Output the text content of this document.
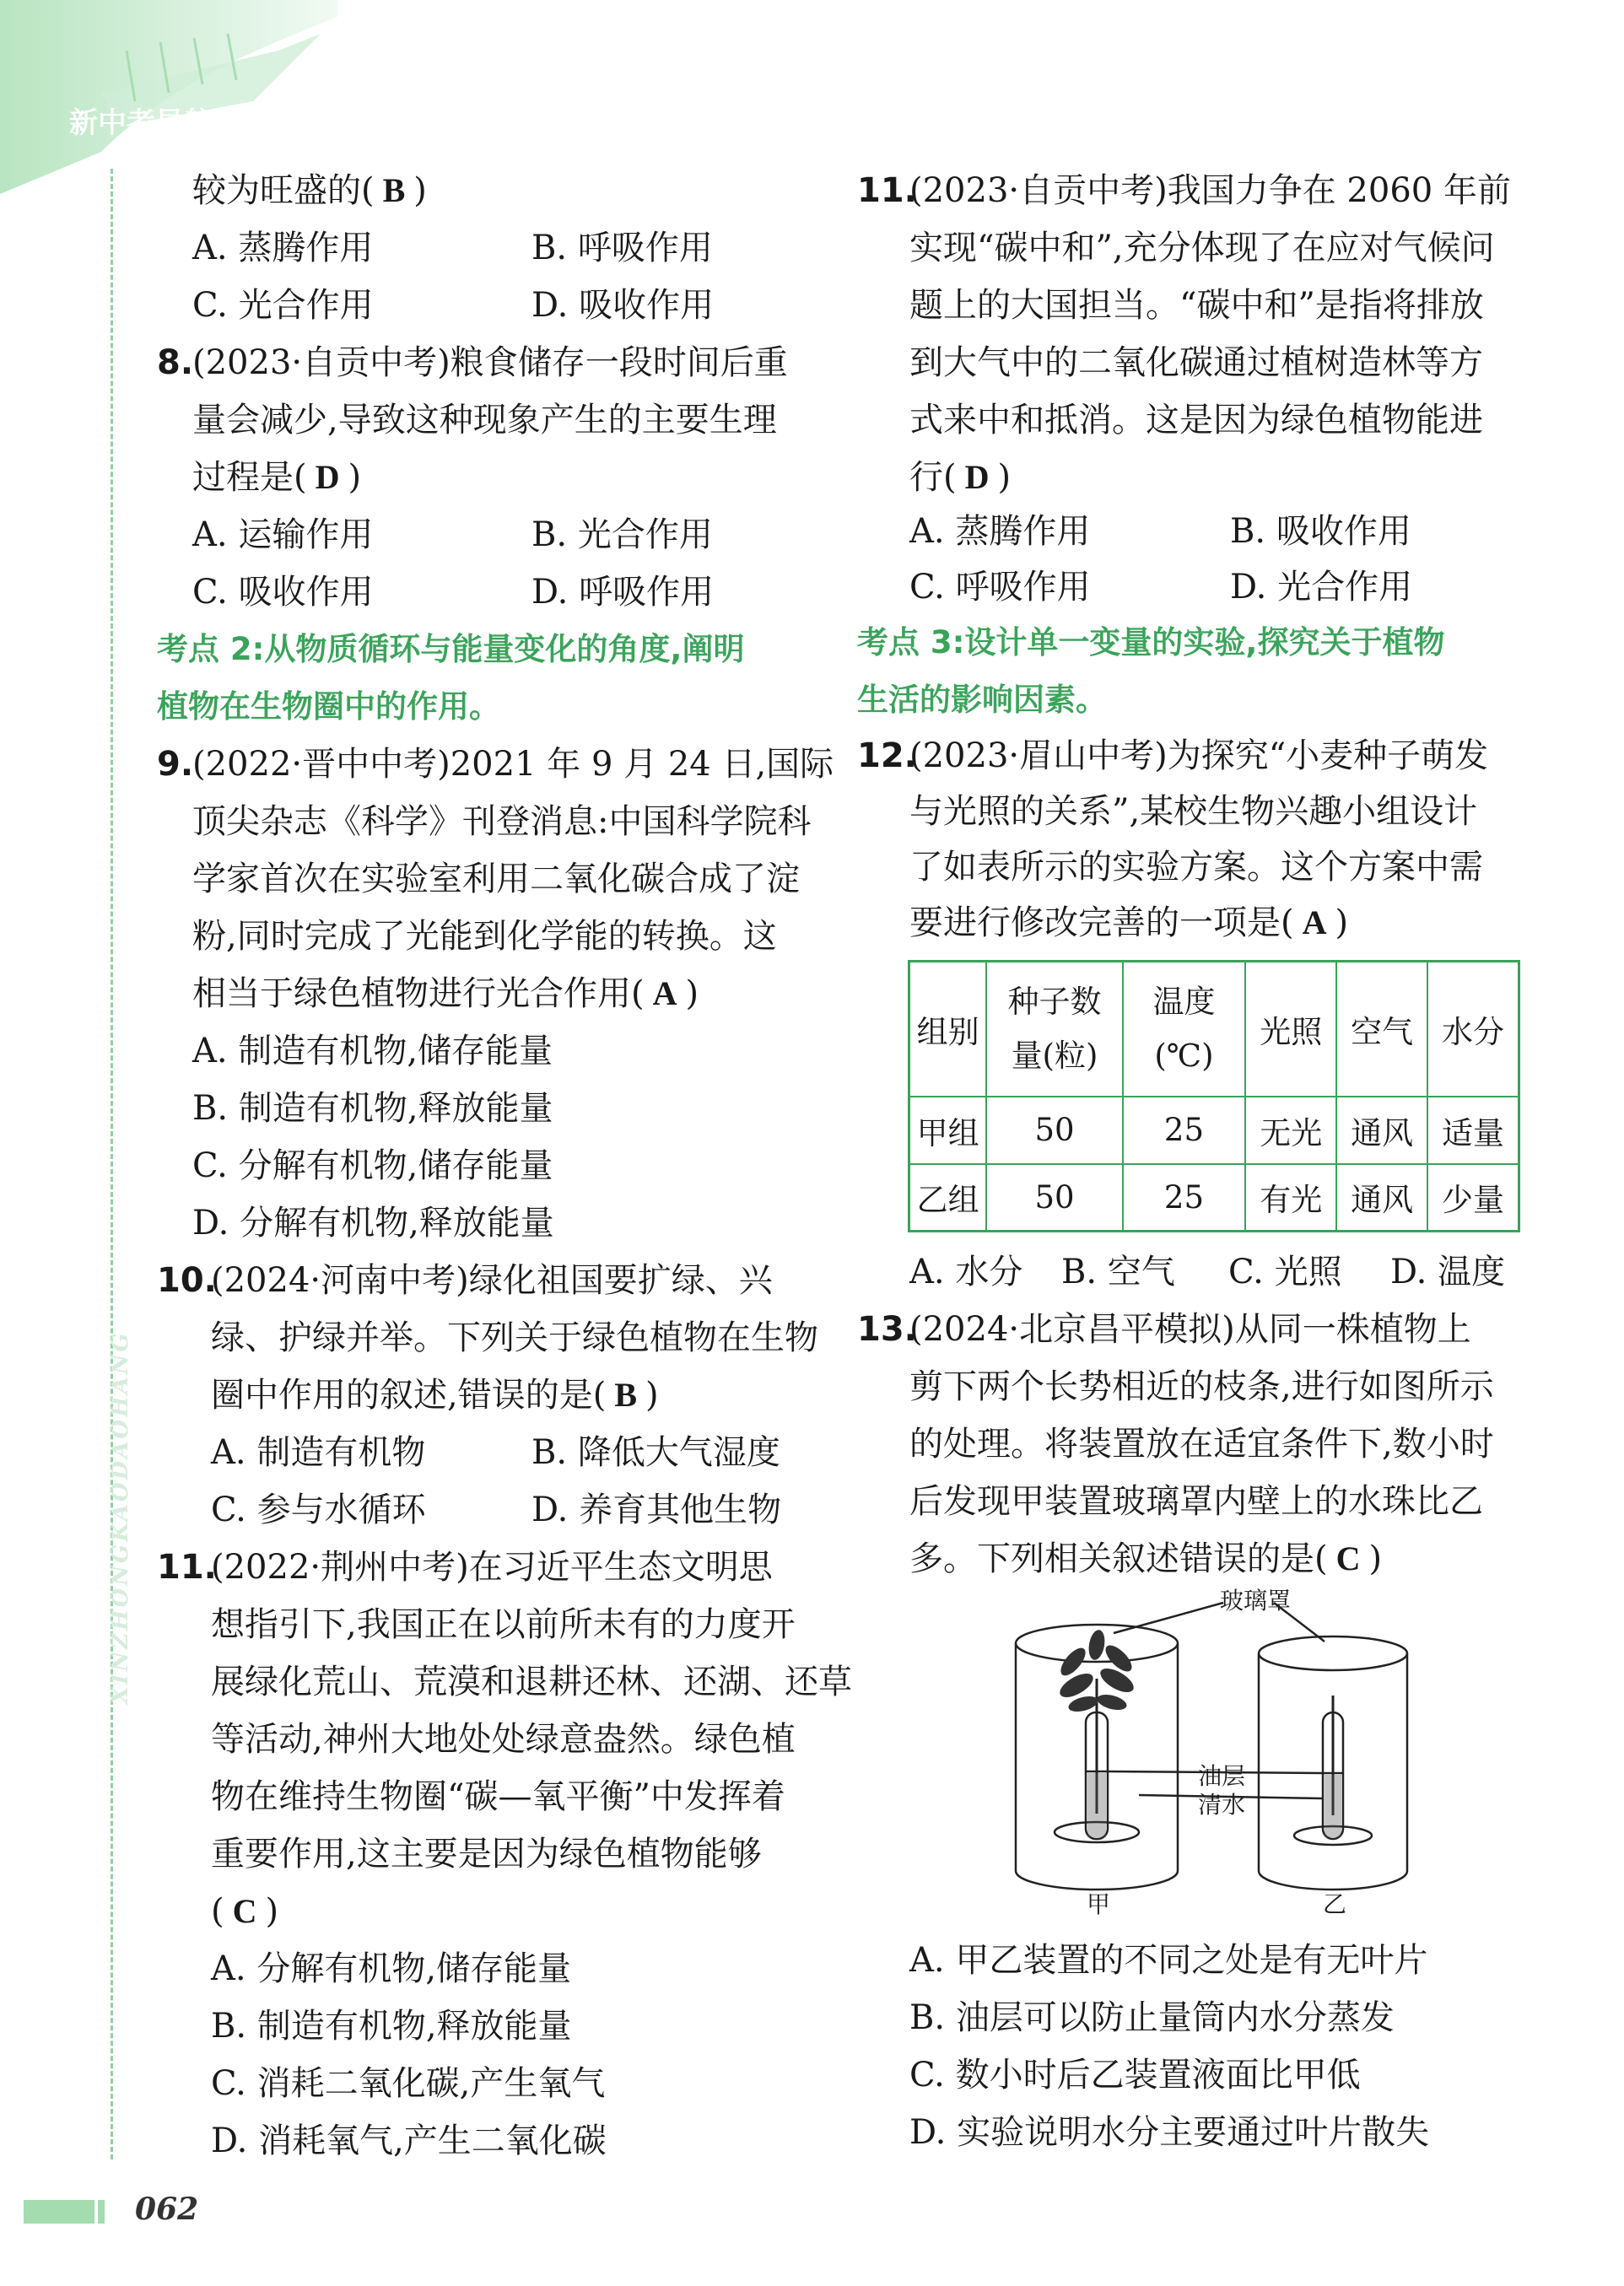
新中考导航 2025
XINZHONGKAODAOHANG
062
较为旺盛的( B )
A. 蒸腾作用	B. 呼吸作用
C. 光合作用	D. 吸收作用
8.
(2023·自贡中考)粮食储存一段时间后重
量会减少,导致这种现象产生的主要生理
过程是( D )
A. 运输作用	B. 光合作用
C. 吸收作用	D. 呼吸作用
考点 2:从物质循环与能量变化的角度,阐明
植物在生物圈中的作用。
9.
(2022·晋中中考)2021 年 9 月 24 日,国际
顶尖杂志《科学》刊登消息:中国科学院科
学家首次在实验室利用二氧化碳合成了淀
粉,同时完成了光能到化学能的转换。这
相当于绿色植物进行光合作用( A )
A. 制造有机物,储存能量
B. 制造有机物,释放能量
C. 分解有机物,储存能量
D. 分解有机物,释放能量
10.
(2024·河南中考)绿化祖国要扩绿、兴
绿、护绿并举。下列关于绿色植物在生物
圈中作用的叙述,错误的是( B )
A. 制造有机物	B. 降低大气湿度
C. 参与水循环	D. 养育其他生物
11.
(2022·荆州中考)在习近平生态文明思
想指引下,我国正在以前所未有的力度开
展绿化荒山、荒漠和退耕还林、还湖、还草
等活动,神州大地处处绿意盎然。绿色植
物在维持生物圈“碳—氧平衡”中发挥着
重要作用,这主要是因为绿色植物能够
( C )
A. 分解有机物,储存能量
B. 制造有机物,释放能量
C. 消耗二氧化碳,产生氧气
D. 消耗氧气,产生二氧化碳
11.
(2023·自贡中考)我国力争在 2060 年前
实现“碳中和”,充分体现了在应对气候问
题上的大国担当。“碳中和”是指将排放
到大气中的二氧化碳通过植树造林等方
式来中和抵消。这是因为绿色植物能进
行( D )
A. 蒸腾作用	B. 吸收作用
C. 呼吸作用	D. 光合作用
考点 3:设计单一变量的实验,探究关于植物
生活的影响因素。
12.
(2023·眉山中考)为探究“小麦种子萌发
与光照的关系”,某校生物兴趣小组设计
了如表所示的实验方案。这个方案中需
要进行修改完善的一项是( A )
组别	种子数量(粒)	温度(℃)	光照	空气	水分
甲组	50	25	无光	通风	适量
乙组	50	25	有光	通风	少量
A. 水分 B. 空气 C. 光照 D. 温度
13.
(2024·北京昌平模拟)从同一株植物上
剪下两个长势相近的枝条,进行如图所示
的处理。将装置放在适宜条件下,数小时
后发现甲装置玻璃罩内壁上的水珠比乙
多。下列相关叙述错误的是( C )
玻璃罩
油层
清水
甲	乙
A. 甲乙装置的不同之处是有无叶片
B. 油层可以防止量筒内水分蒸发
C. 数小时后乙装置液面比甲低
D. 实验说明水分主要通过叶片散失
